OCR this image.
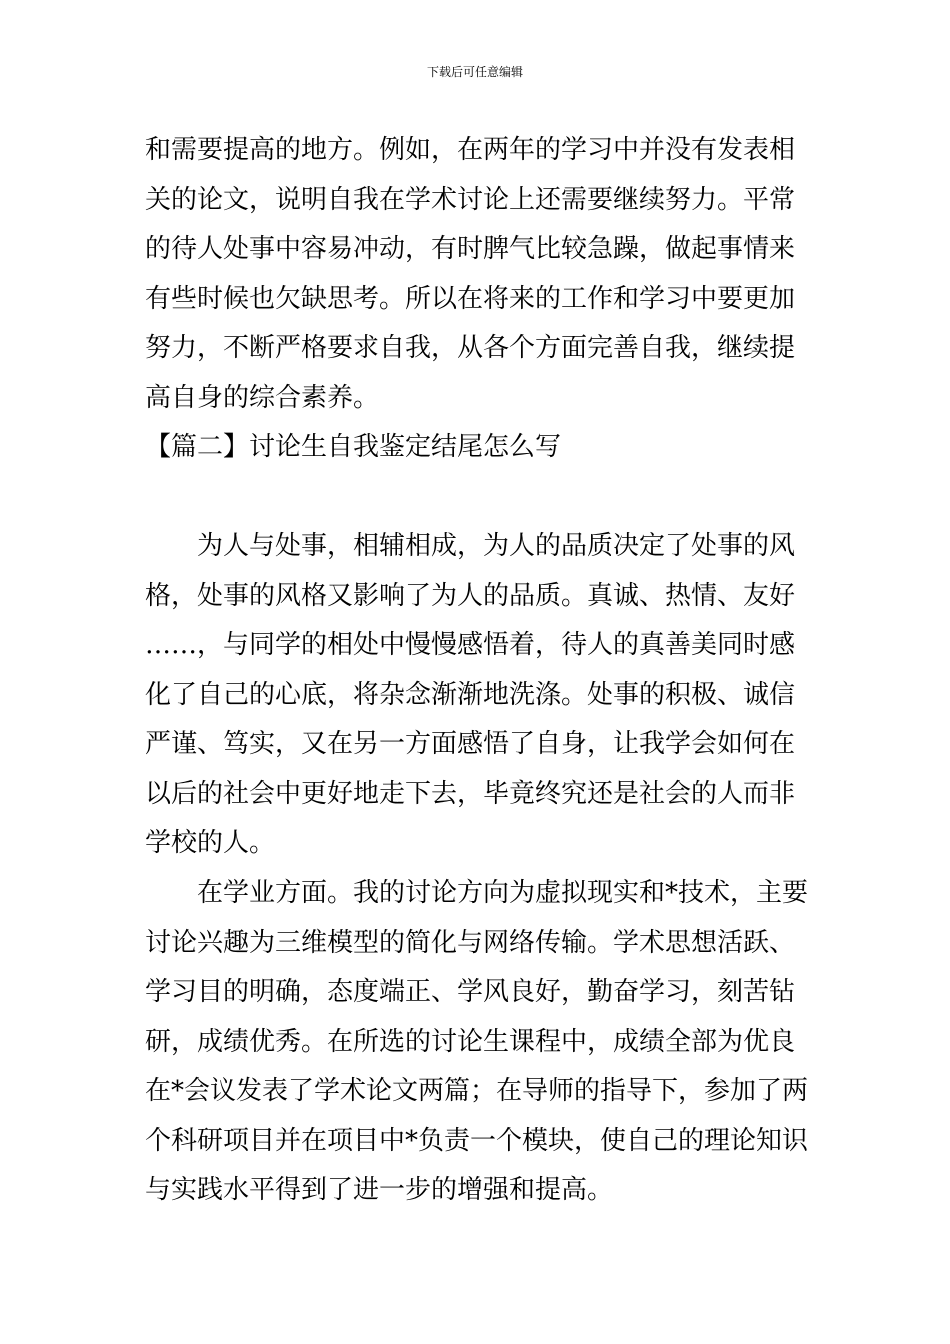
下载后可任意编辑
和需要提高的地方。例如，在两年的学习中并没有发表相
关的论文，说明自我在学术讨论上还需要继续努力。平常
的待人处事中容易冲动，有时脾气比较急躁，做起事情来
有些时候也欠缺思考。所以在将来的工作和学习中要更加
努力，不断严格要求自我，从各个方面完善自我，继续提
高自身的综合素养。
【篇二】讨论生自我鉴定结尾怎么写
为人与处事，相辅相成，为人的品质决定了处事的风
格，处事的风格又影响了为人的品质。真诚、热情、友好
……，与同学的相处中慢慢感悟着，待人的真善美同时感
化了自己的心底，将杂念渐渐地洗涤。处事的积极、诚信
严谨、笃实，又在另一方面感悟了自身，让我学会如何在
以后的社会中更好地走下去，毕竟终究还是社会的人而非
学校的人。
在学业方面。我的讨论方向为虚拟现实和*技术，主要
讨论兴趣为三维模型的简化与网络传输。学术思想活跃、
学习目的明确，态度端正、学风良好，勤奋学习，刻苦钻
研，成绩优秀。在所选的讨论生课程中，成绩全部为优良
在*会议发表了学术论文两篇；在导师的指导下，参加了两
个科研项目并在项目中*负责一个模块，使自己的理论知识
与实践水平得到了进一步的增强和提高。
